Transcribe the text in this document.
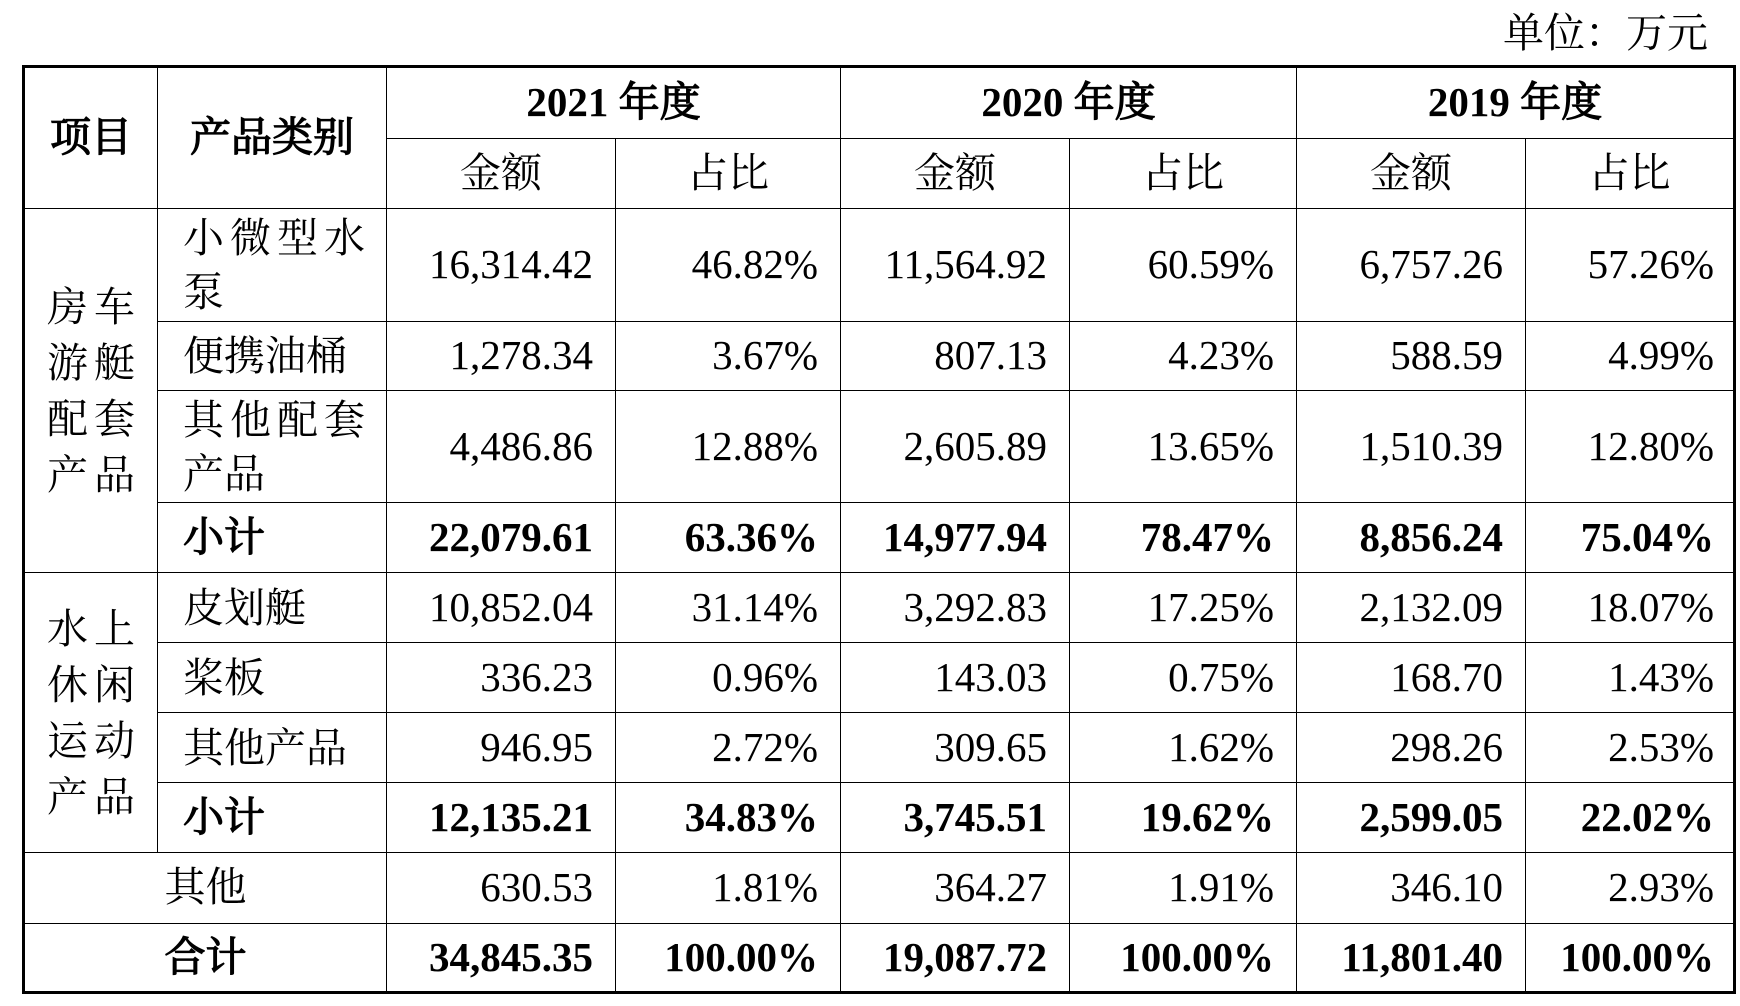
单位：万元
项目	产品类别	2021 年度		2020 年度		2019 年度	
		金额	占比	金额	占比	金额	占比

房车游艇配套产品	小微型水泵	16,314.42	46.82%	11,564.92	60.59%	6,757.26	57.26%

	便携油桶	1,278.34	3.67%	807.13	4.23%	588.59	4.99%

	其他配套产品	4,486.86	12.88%	2,605.89	13.65%	1,510.39	12.80%
	小计	22,079.61	63.36%	14,977.94	78.47%	8,856.24	75.04%

水上休闲运动产品	皮划艇	10,852.04	31.14%	3,292.83	17.25%	2,132.09	18.07%

	桨板	336.23	0.96%	143.03	0.75%	168.70	1.43%

	其他产品	946.95	2.72%	309.65	1.62%	298.26	2.53%
	小计	12,135.21	34.83%	3,745.51	19.62%	2,599.05	22.02%
其他		630.53	1.81%	364.27	1.91%	346.10	2.93%
合计		34,845.35	100.00%	19,087.72	100.00%	11,801.40	100.00%
